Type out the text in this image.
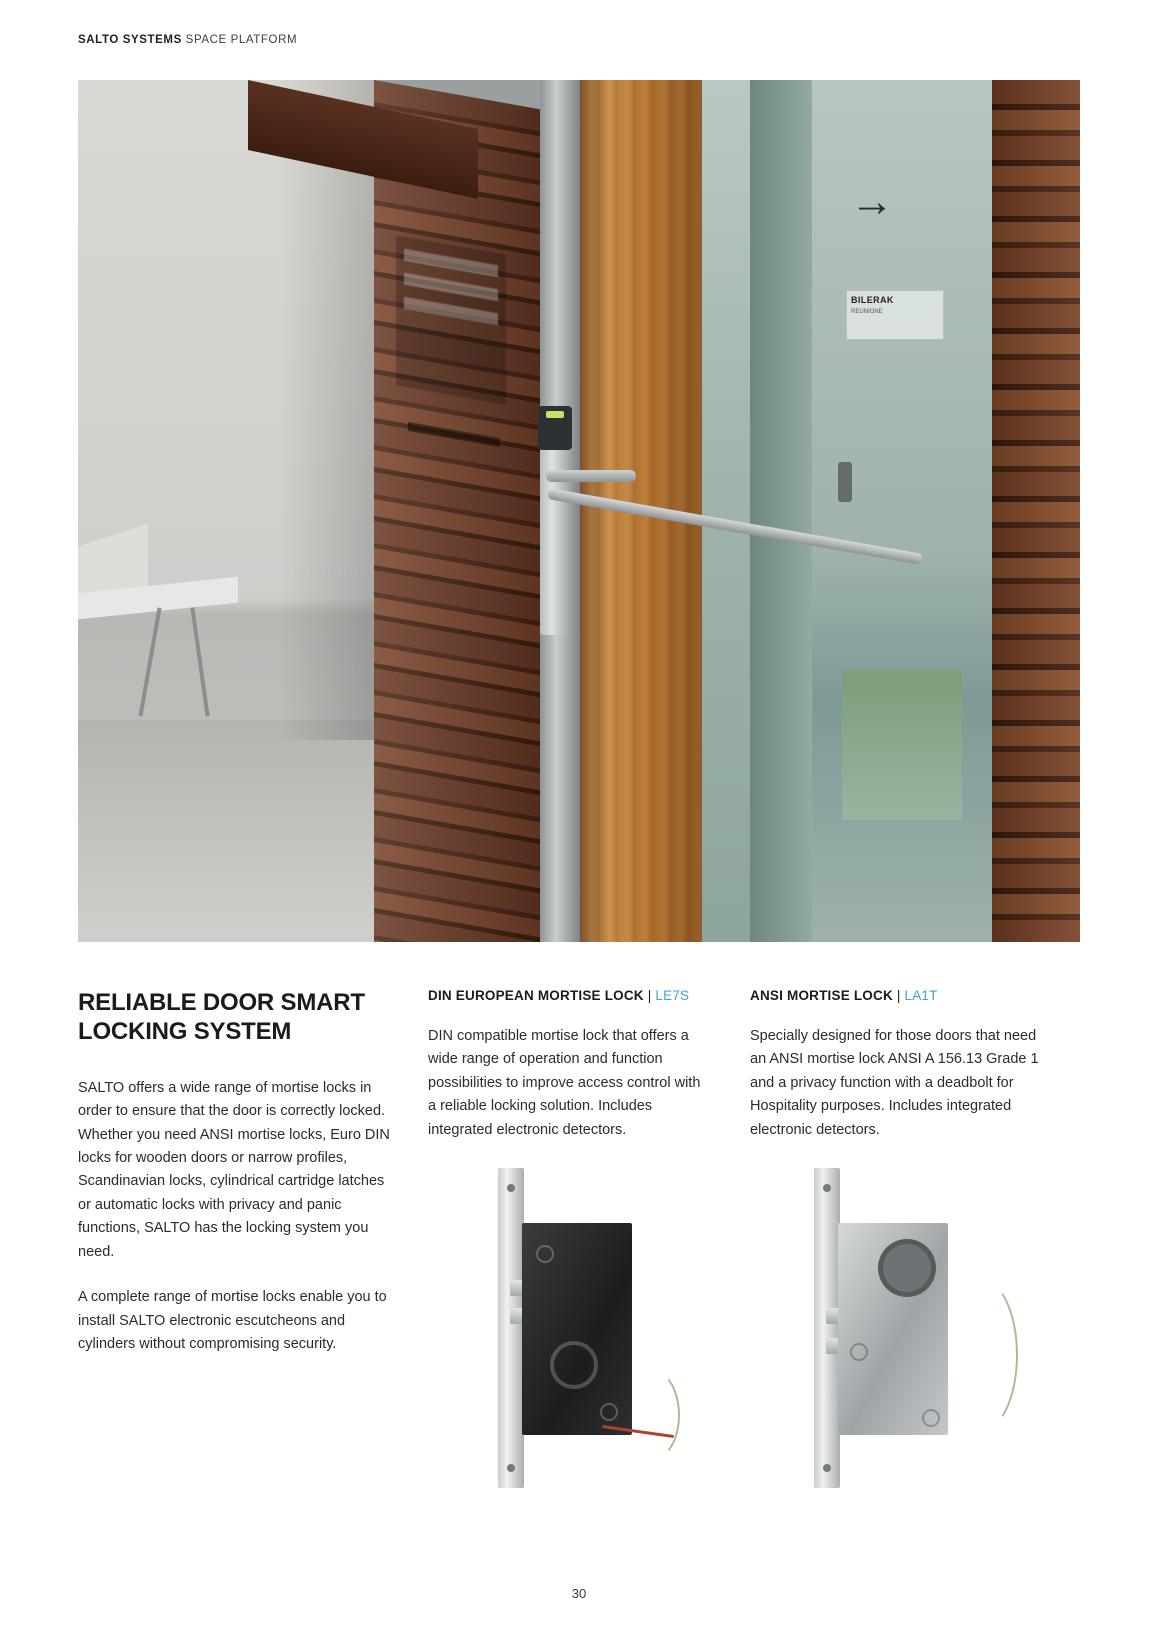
SALTO SYSTEMS SPACE PLATFORM
→
BILERAK
REUNIONE
RELIABLE DOOR SMART LOCKING SYSTEM

SALTO offers a wide range of mortise locks in order to ensure that the door is correctly locked. Whether you need ANSI mortise locks, Euro DIN locks for wooden doors or narrow profiles, Scandinavian locks, cylindrical cartridge latches or automatic locks with privacy and panic functions, SALTO has the locking system you need.

A complete range of mortise locks enable you to install SALTO electronic escutcheons and cylinders without compromising security.

DIN EUROPEAN MORTISE LOCK | LE7S

DIN compatible mortise lock that offers a wide range of operation and function possibilities to improve access control with a reliable locking solution. Includes integrated electronic detectors.

ANSI MORTISE LOCK | LA1T

Specially designed for those doors that need an ANSI mortise lock ANSI A 156.13 Grade 1 and a privacy function with a deadbolt for Hospitality purposes. Includes integrated electronic detectors.

30
